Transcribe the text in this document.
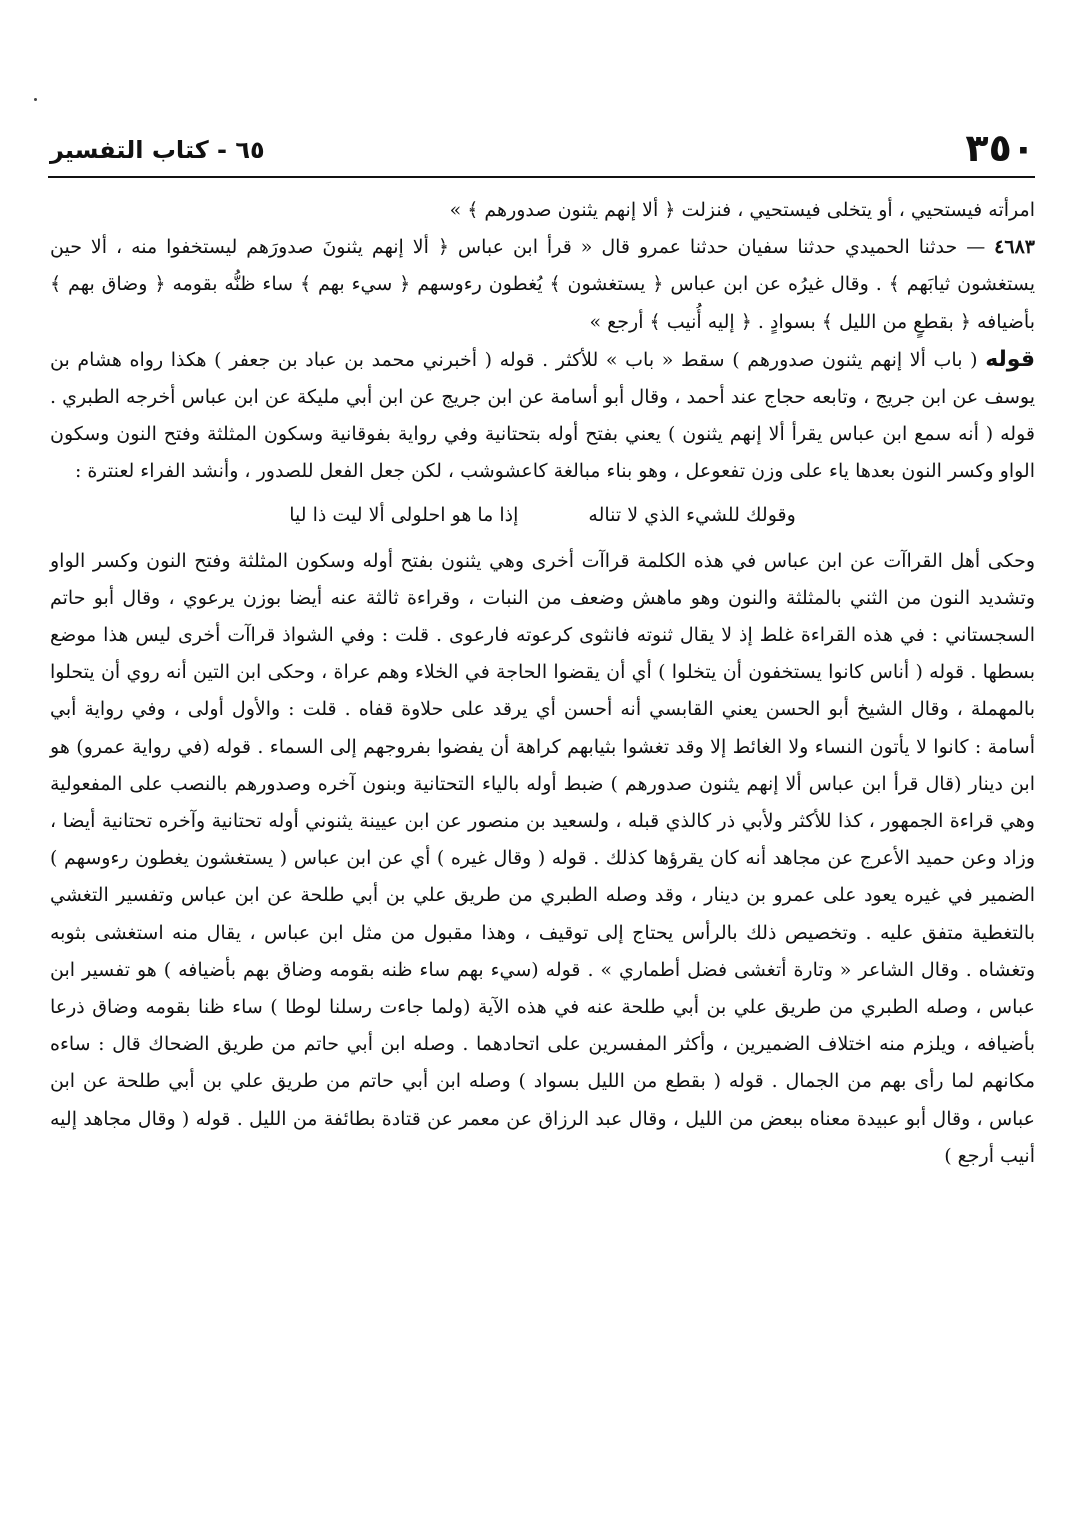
٣٥٠
٦٥ - كتاب التفسير

امرأته فيستحيي ، أو يتخلى فيستحيي ، فنزلت ﴿ ألا إنهم يثنون صدورهم ﴾ »

٤٦٨٣ — حدثنا الحميدي حدثنا سفيان حدثنا عمرو قال « قرأ ابن عباس ﴿ ألا إنهم يثنونَ صدورَهم ليستخفوا منه ، ألا حين يستغشون ثيابَهم ﴾ . وقال غيرُه عن ابن عباس ﴿ يستغشون ﴾ يُغطون رءوسهم ﴿ سيء بهم ﴾ ساء ظنُّه بقومه ﴿ وضاق بهم ﴾ بأضيافه ﴿ بقطعٍ من الليل ﴾ بسوادٍ . ﴿ إليه أُنيب ﴾ أرجع »

قوله ( باب ألا إنهم يثنون صدورهم ) سقط « باب » للأكثر . قوله ( أخبرني محمد بن عباد بن جعفر ) هكذا رواه هشام بن يوسف عن ابن جريج ، وتابعه حجاج عند أحمد ، وقال أبو أسامة عن ابن جريج عن ابن أبي مليكة عن ابن عباس أخرجه الطبري . قوله ( أنه سمع ابن عباس يقرأ ألا إنهم يثنون ) يعني بفتح أوله بتحتانية وفي رواية بفوقانية وسكون المثلثة وفتح النون وسكون الواو وكسر النون بعدها ياء على وزن تفعوعل ، وهو بناء مبالغة كاعشوشب ، لكن جعل الفعل للصدور ، وأنشد الفراء لعنترة :

وقولك للشيء الذي لا تناله
إذا ما هو احلولى ألا ليت ذا ليا

وحكى أهل القراآت عن ابن عباس في هذه الكلمة قراآت أخرى وهي يثنون بفتح أوله وسكون المثلثة وفتح النون وكسر الواو وتشديد النون من الثني بالمثلثة والنون وهو ماهش وضعف من النبات ، وقراءة ثالثة عنه أيضا بوزن يرعوي ، وقال أبو حاتم السجستاني : في هذه القراءة غلط إذ لا يقال ثنوته فانثوى كرعوته فارعوى . قلت : وفي الشواذ قراآت أخرى ليس هذا موضع بسطها . قوله ( أناس كانوا يستخفون أن يتخلوا ) أي أن يقضوا الحاجة في الخلاء وهم عراة ، وحكى ابن التين أنه روي أن يتحلوا بالمهملة ، وقال الشيخ أبو الحسن يعني القابسي أنه أحسن أي يرقد على حلاوة قفاه . قلت : والأول أولى ، وفي رواية أبي أسامة : كانوا لا يأتون النساء ولا الغائط إلا وقد تغشوا بثيابهم كراهة أن يفضوا بفروجهم إلى السماء . قوله (في رواية عمرو) هو ابن دينار (قال قرأ ابن عباس ألا إنهم يثنون صدورهم ) ضبط أوله بالياء التحتانية وبنون آخره وصدورهم بالنصب على المفعولية وهي قراءة الجمهور ، كذا للأكثر ولأبي ذر كالذي قبله ، ولسعيد بن منصور عن ابن عيينة يثنوني أوله تحتانية وآخره تحتانية أيضا ، وزاد وعن حميد الأعرج عن مجاهد أنه كان يقرؤها كذلك . قوله ( وقال غيره ) أي عن ابن عباس ( يستغشون يغطون رءوسهم ) الضمير في غيره يعود على عمرو بن دينار ، وقد وصله الطبري من طريق علي بن أبي طلحة عن ابن عباس وتفسير التغشي بالتغطية متفق عليه . وتخصيص ذلك بالرأس يحتاج إلى توقيف ، وهذا مقبول من مثل ابن عباس ، يقال منه استغشى بثوبه وتغشاه . وقال الشاعر « وتارة أتغشى فضل أطماري » . قوله (سيء بهم ساء ظنه بقومه وضاق بهم بأضيافه ) هو تفسير ابن عباس ، وصله الطبري من طريق علي بن أبي طلحة عنه في هذه الآية (ولما جاءت رسلنا لوطا ) ساء ظنا بقومه وضاق ذرعا بأضيافه ، ويلزم منه اختلاف الضميرين ، وأكثر المفسرين على اتحادهما . وصله ابن أبي حاتم من طريق الضحاك قال : ساءه مكانهم لما رأى بهم من الجمال . قوله ( بقطع من الليل بسواد ) وصله ابن أبي حاتم من طريق علي بن أبي طلحة عن ابن عباس ، وقال أبو عبيدة معناه ببعض من الليل ، وقال عبد الرزاق عن معمر عن قتادة بطائفة من الليل . قوله ( وقال مجاهد إليه أنيب أرجع )
